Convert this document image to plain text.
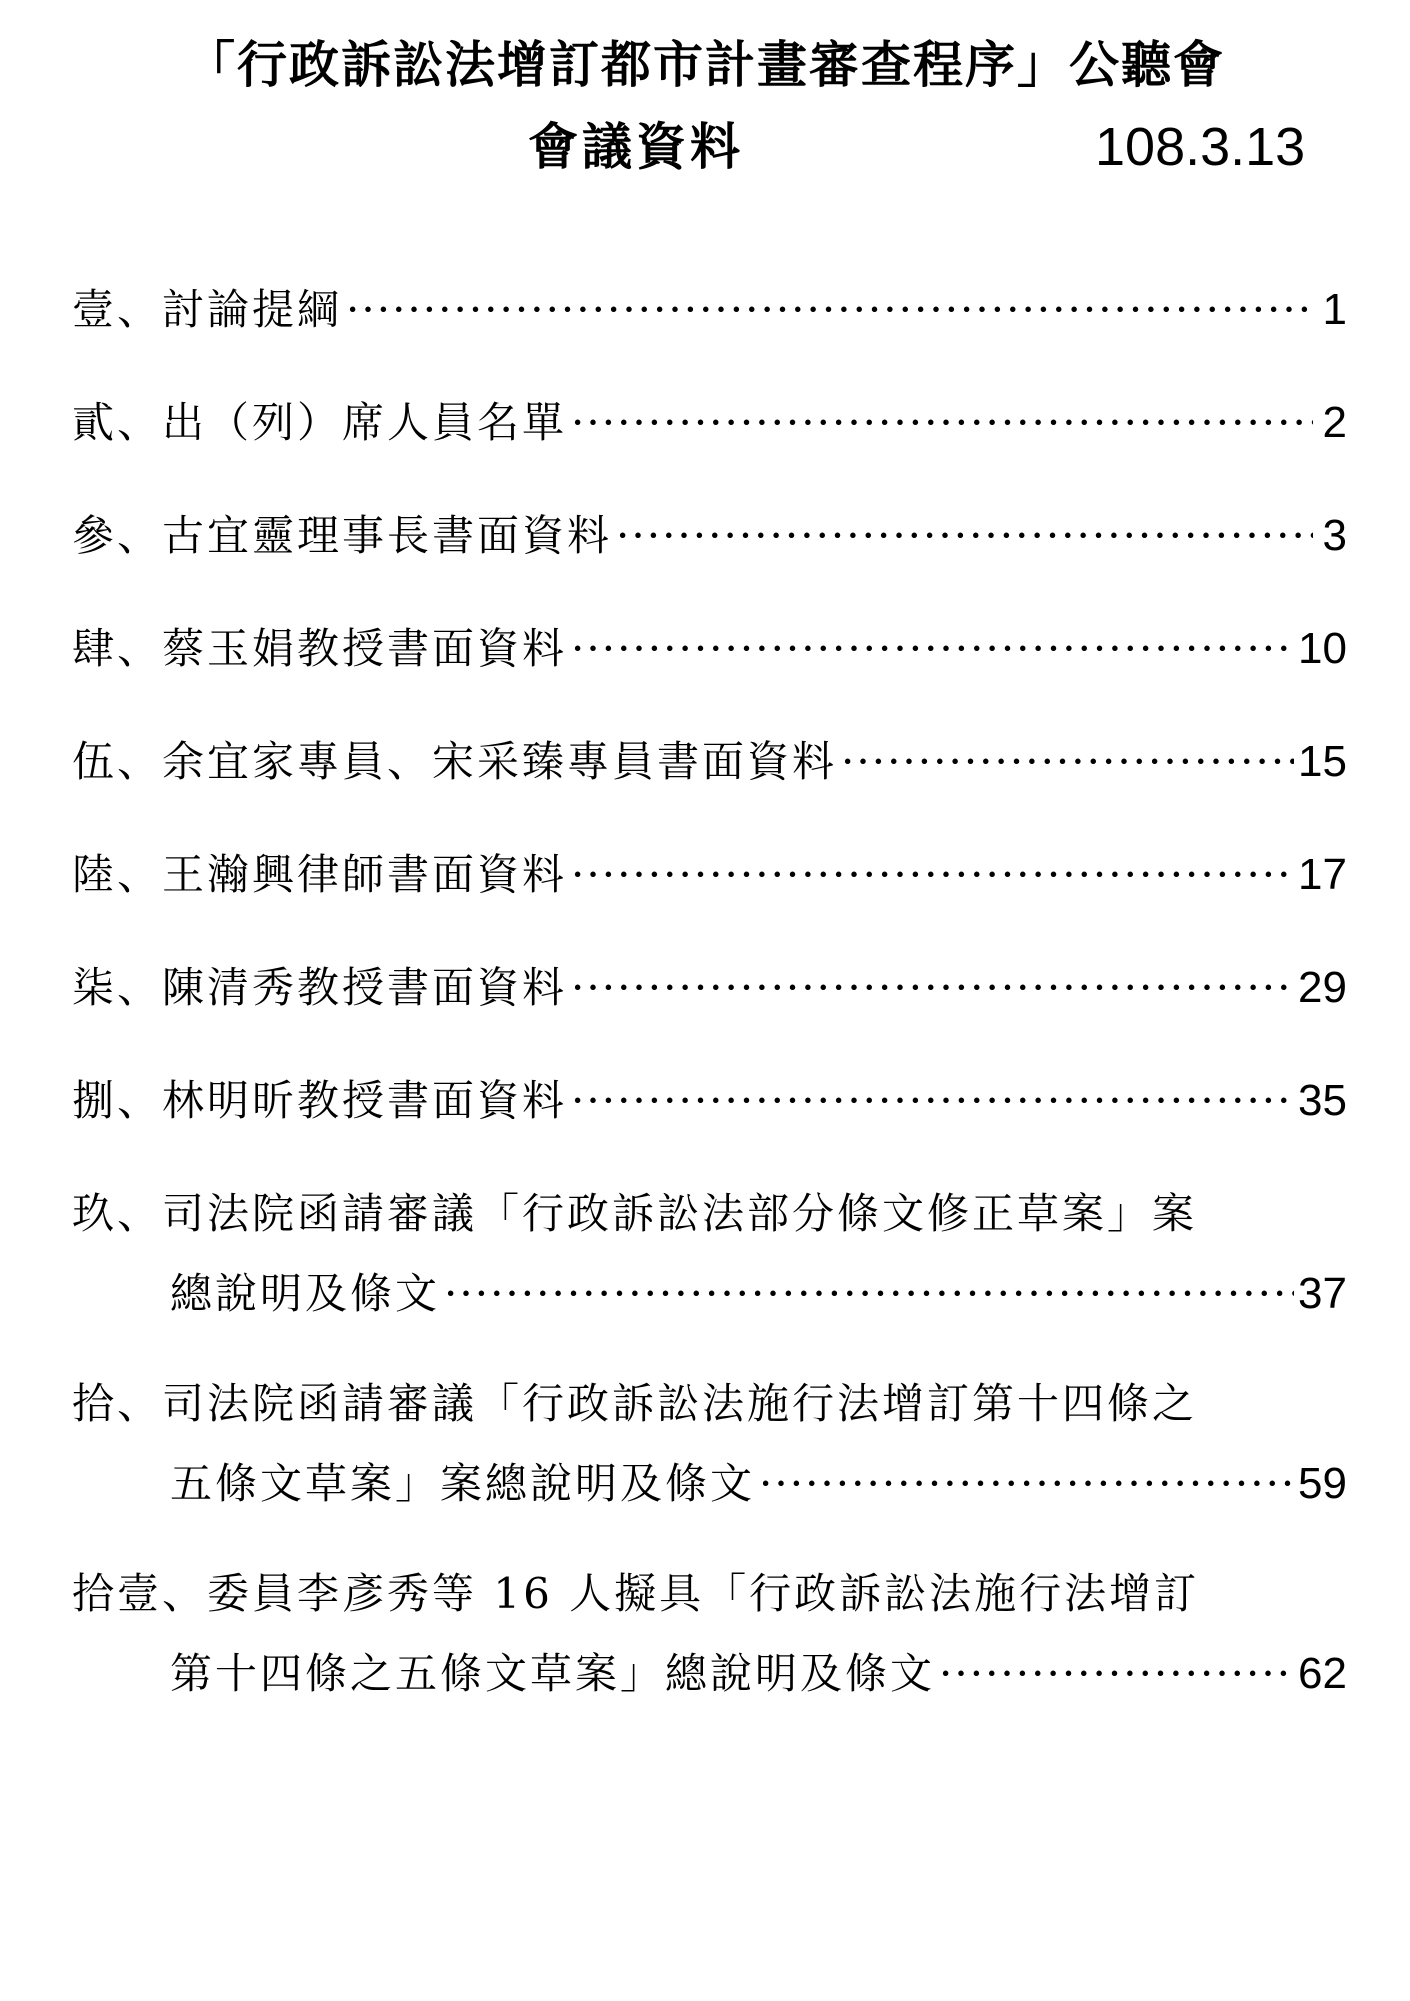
「行政訴訟法增訂都市計畫審查程序」公聽會
會議資料	108.3.13
壹、討論提綱 ·····	1
貳、出（列）席人員名單 ·····	2
參、古宜靈理事長書面資料 ·····	3
肆、蔡玉娟教授書面資料 ·····	10
伍、余宜家專員、宋采臻專員書面資料 ·····	15
陸、王瀚興律師書面資料 ·····	17
柒、陳清秀教授書面資料 ·····	29
捌、林明昕教授書面資料 ·····	35
玖、司法院函請審議「行政訴訟法部分條文修正草案」案
總說明及條文 ·····	37
拾、司法院函請審議「行政訴訟法施行法增訂第十四條之
五條文草案」案總說明及條文 ·····	59
拾壹、委員李彥秀等 16 人擬具「行政訴訟法施行法增訂
第十四條之五條文草案」總說明及條文 ·····	62
